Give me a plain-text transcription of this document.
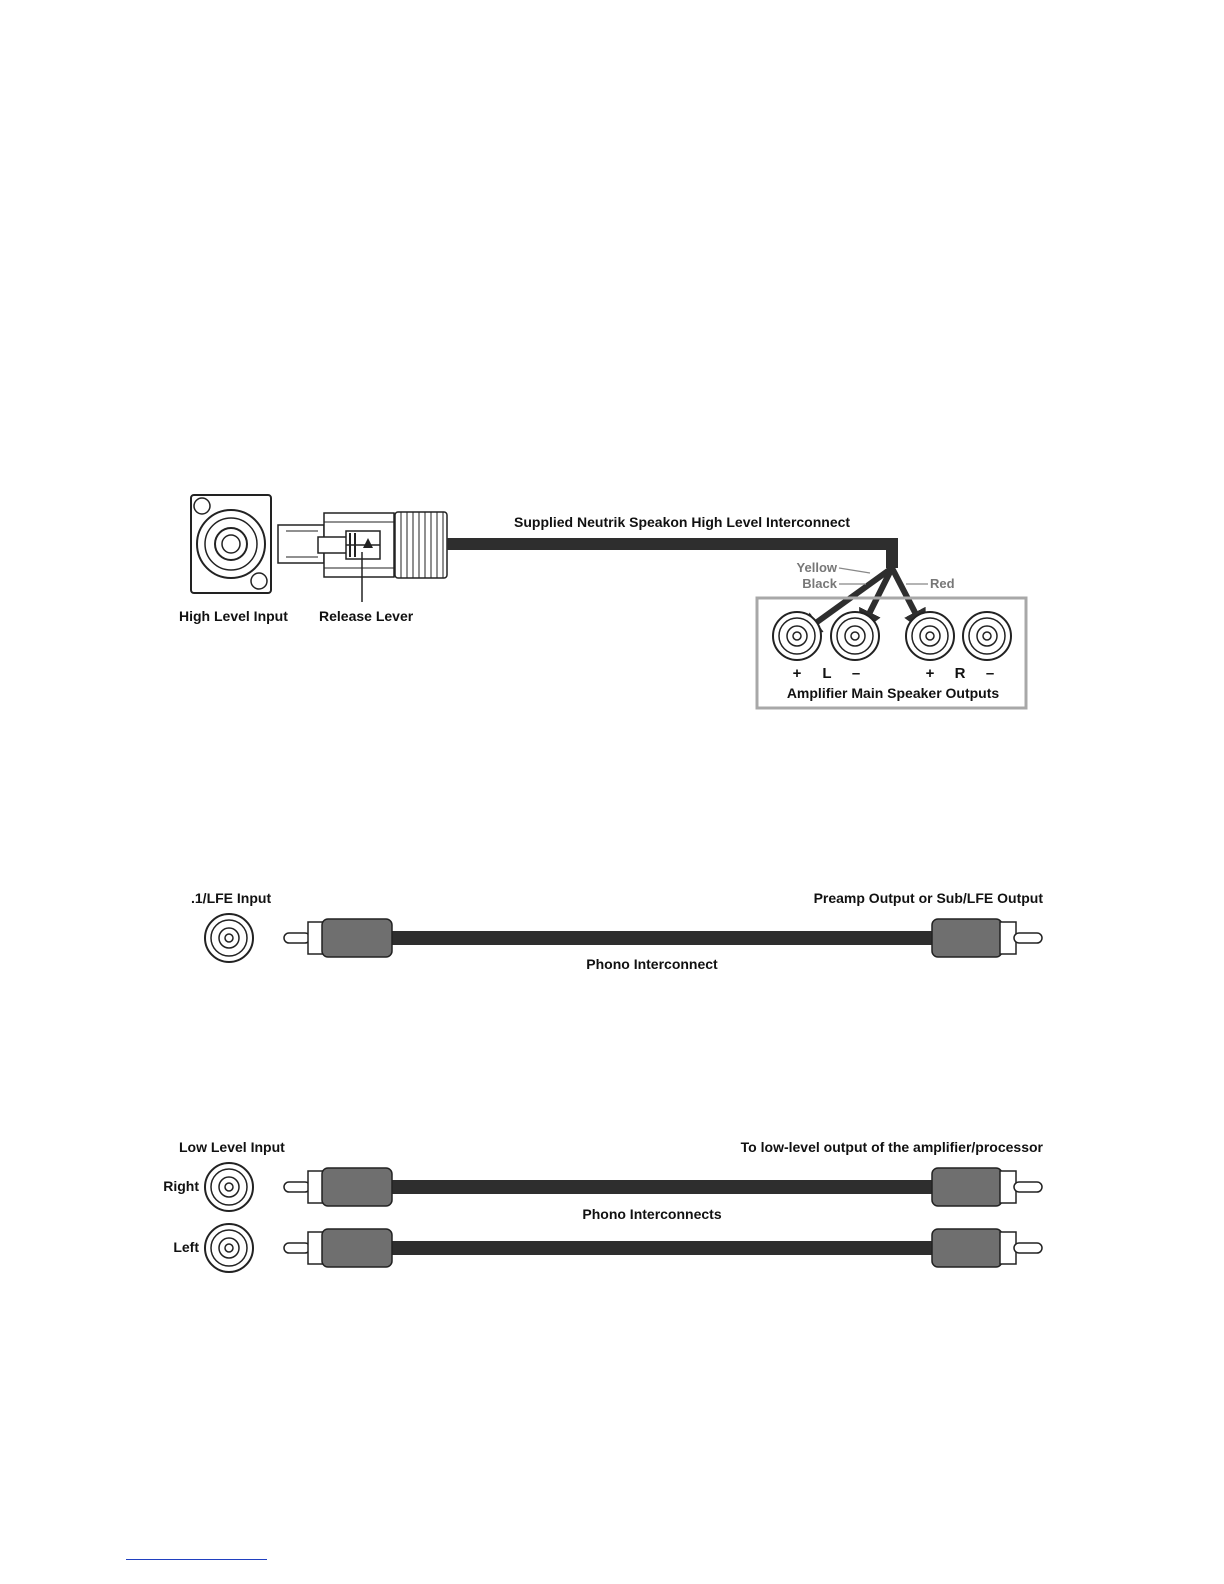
Supplied Neutrik Speakon High Level Interconnect
Yellow
Black	Red
High Level Input Release Lever
+ L –	+ R –
Amplifier Main Speaker Outputs
.1/LFE Input	Preamp Output or Sub/LFE Output
Phono Interconnect
Low Level Input	To low-level output of the amplifier/processor
Right
Left
Phono Interconnects
